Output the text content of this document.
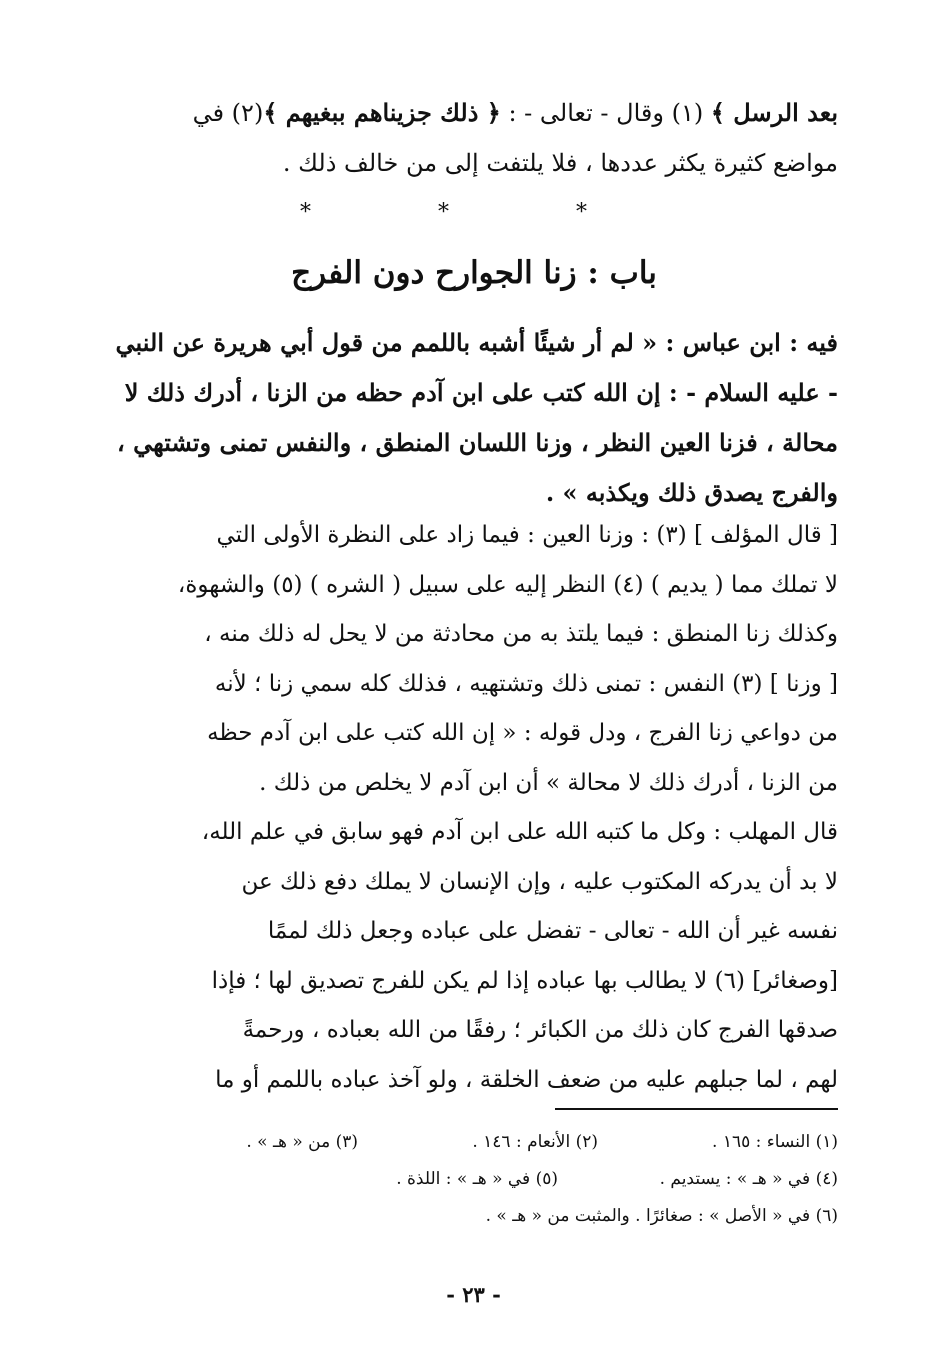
بعد الرسل ﴾ (١) وقال - تعالى - : ﴿ ذلك جزيناهم ببغيهم ﴾(٢) في
مواضع كثيرة يكثر عددها ، فلا يلتفت إلى من خالف ذلك .
* * *
باب : زنا الجوارح دون الفرج
فيه : ابن عباس : « لم أر شيئًا أشبه باللمم من قول أبي هريرة عن النبي
- عليه السلام - : إن الله كتب على ابن آدم حظه من الزنا ، أدرك ذلك لا
محالة ، فزنا العين النظر ، وزنا اللسان المنطق ، والنفس تمنى وتشتهي ،
والفرج يصدق ذلك ويكذبه » .
[ قال المؤلف ] (٣) : وزنا العين : فيما زاد على النظرة الأولى التي
لا تملك مما ( يديم ) (٤) النظر إليه على سبيل ( الشره ) (٥) والشهوة،
وكذلك زنا المنطق : فيما يلتذ به من محادثة من لا يحل له ذلك منه ،
[ وزنا ] (٣) النفس : تمنى ذلك وتشتهيه ، فذلك كله سمي زنا ؛ لأنه
من دواعي زنا الفرج ، ودل قوله : « إن الله كتب على ابن آدم حظه
من الزنا ، أدرك ذلك لا محالة » أن ابن آدم لا يخلص من ذلك .
قال المهلب : وكل ما كتبه الله على ابن آدم فهو سابق في علم الله،
لا بد أن يدركه المكتوب عليه ، وإن الإنسان لا يملك دفع ذلك عن
نفسه غير أن الله - تعالى - تفضل على عباده وجعل ذلك لممًا
[وصغائر] (٦) لا يطالب بها عباده إذا لم يكن للفرج تصديق لها ؛ فإذا
صدقها الفرج كان ذلك من الكبائر ؛ رفقًا من الله بعباده ، ورحمةً
لهم ، لما جبلهم عليه من ضعف الخلقة ، ولو آخذ عباده باللمم أو ما
(١) النساء : ١٦٥ .(٢) الأنعام : ١٤٦ .(٣) من « هـ » .
(٤) في « هـ » : يستديم .(٥) في « هـ » : اللذة .
(٦) في « الأصل » : صغائرًا . والمثبت من « هـ » .
- ٢٣ -
